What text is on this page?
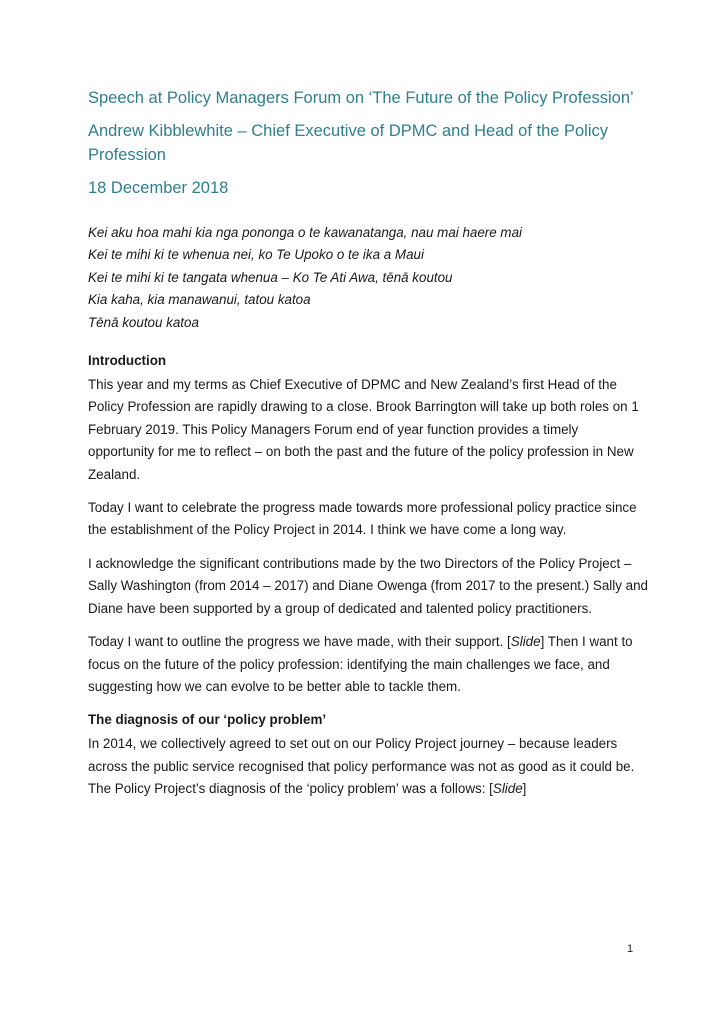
Speech at Policy Managers Forum on ‘The Future of the Policy Profession’
Andrew Kibblewhite – Chief Executive of DPMC and Head of the Policy Profession
18 December 2018
Kei aku hoa mahi kia nga pononga o te kawanatanga, nau mai haere mai
Kei te mihi ki te whenua nei, ko Te Upoko o te ika a Maui
Kei te mihi ki te tangata whenua – Ko Te Ati Awa, tēnā koutou
Kia kaha, kia manawanui, tatou katoa
Tēnā koutou katoa
Introduction

This year and my terms as Chief Executive of DPMC and New Zealand’s first Head of the Policy Profession are rapidly drawing to a close. Brook Barrington will take up both roles on 1 February 2019. This Policy Managers Forum end of year function provides a timely opportunity for me to reflect – on both the past and the future of the policy profession in New Zealand.

Today I want to celebrate the progress made towards more professional policy practice since the establishment of the Policy Project in 2014. I think we have come a long way.

I acknowledge the significant contributions made by the two Directors of the Policy Project – Sally Washington (from 2014 – 2017) and Diane Owenga (from 2017 to the present.) Sally and Diane have been supported by a group of dedicated and talented policy practitioners.

Today I want to outline the progress we have made, with their support. [Slide] Then I want to focus on the future of the policy profession: identifying the main challenges we face, and suggesting how we can evolve to be better able to tackle them.

The diagnosis of our ‘policy problem’

In 2014, we collectively agreed to set out on our Policy Project journey – because leaders across the public service recognised that policy performance was not as good as it could be.

The Policy Project’s diagnosis of the ‘policy problem’ was a follows: [Slide]

1
